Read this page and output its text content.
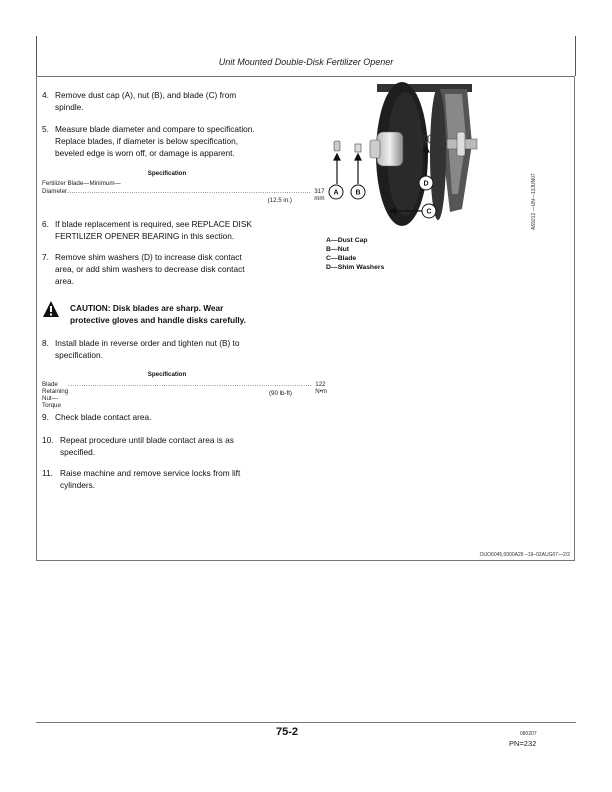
Unit Mounted Double-Disk Fertilizer Opener
4. Remove dust cap (A), nut (B), and blade (C) from
spindle.
5. Measure blade diameter and compare to specification.
Replace blades, if diameter is below specification,
beveled edge is worn off, or damage is apparent.
Specification
Fertilizer Blade—Minimum—
Diameter .............................................................................................................. 317 mm
(12.5 in.)
6. If blade replacement is required, see REPLACE DISK
FERTILIZER OPENER BEARING in this section.
7. Remove shim washers (D) to increase disk contact
area, or add shim washers to decrease disk contact
area.
CAUTION: Disk blades are sharp. Wear
protective gloves and handle disks carefully.
8. Install blade in reverse order and tighten nut (B) to
specification.
Specification
Blade Retaining Nut—Torque
.............................................................................................................. 122 N•m
(90 lb-ft)
9. Check blade contact area.
10. Repeat procedure until blade contact area is as
specified.
11. Raise machine and remove service locks from lift
cylinders.
A B
C
D	A69212 —UN—13JUN07
A—Dust Cap
B—Nut
C—Blade
D—Shim Washers
OUO6045,0000A26 –19–02AUG07—2/2
75-2	080207
PN=232
